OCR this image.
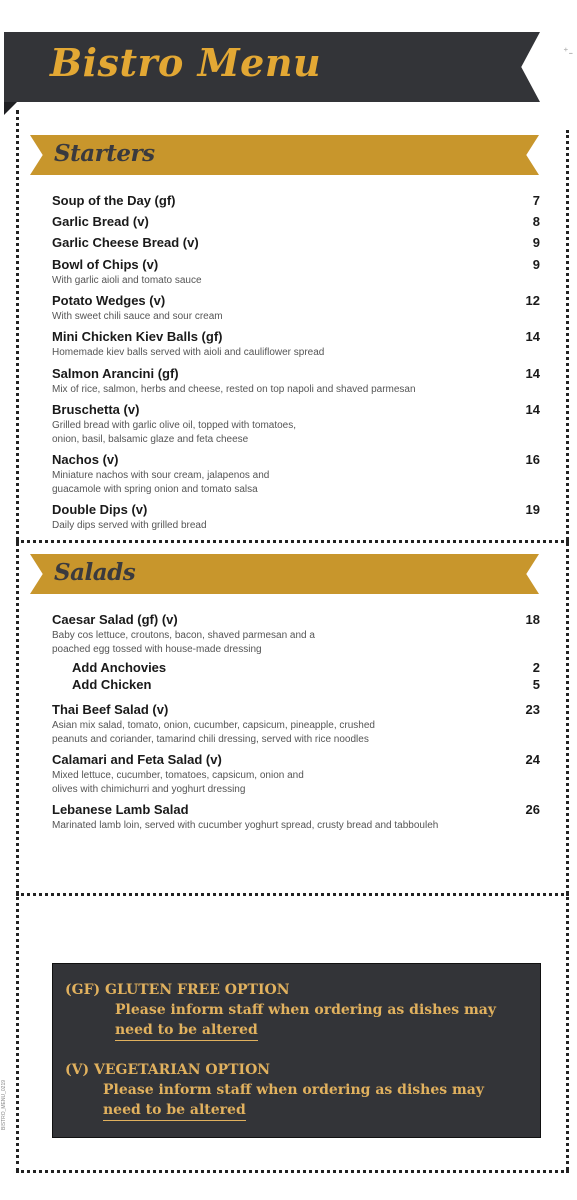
Bistro Menu	ᐩ-
Starters
Soup of the Day (gf)	7
Garlic Bread (v)	8
Garlic Cheese Bread (v)	9
Bowl of Chips (v)	9
With garlic aioli and tomato sauce
Potato Wedges (v)	12
With sweet chili sauce and sour cream
Mini Chicken Kiev Balls (gf)	14
Homemade kiev balls served with aioli and cauliflower spread
Salmon Arancini (gf)	14
Mix of rice, salmon, herbs and cheese, rested on top napoli and shaved parmesan
Bruschetta (v)	14
Grilled bread with garlic olive oil, topped with tomatoes,
onion, basil, balsamic glaze and feta cheese
Nachos (v)	16
Miniature nachos with sour cream, jalapenos and
guacamole with spring onion and tomato salsa
Double Dips (v)	19
Daily dips served with grilled bread
Salads
Caesar Salad (gf) (v)	18
Baby cos lettuce, croutons, bacon, shaved parmesan and a
poached egg tossed with house-made dressing
Add Anchovies	2
Add Chicken	5
Thai Beef Salad (v)	23
Asian mix salad, tomato, onion, cucumber, capsicum, pineapple, crushed
peanuts and coriander, tamarind chili dressing, served with rice noodles
Calamari and Feta Salad (v)	24
Mixed lettuce, cucumber, tomatoes, capsicum, onion and
olives with chimichurri and yoghurt dressing
Lebanese Lamb Salad	26
Marinated lamb loin, served with cucumber yoghurt spread, crusty bread and tabbouleh
(GF) GLUTEN FREE OPTION
Please inform staff when ordering as dishes may
need to be altered
(V) VEGETARIAN OPTION
Please inform staff when ordering as dishes may
need to be altered
BISTRO_MENU_0219
